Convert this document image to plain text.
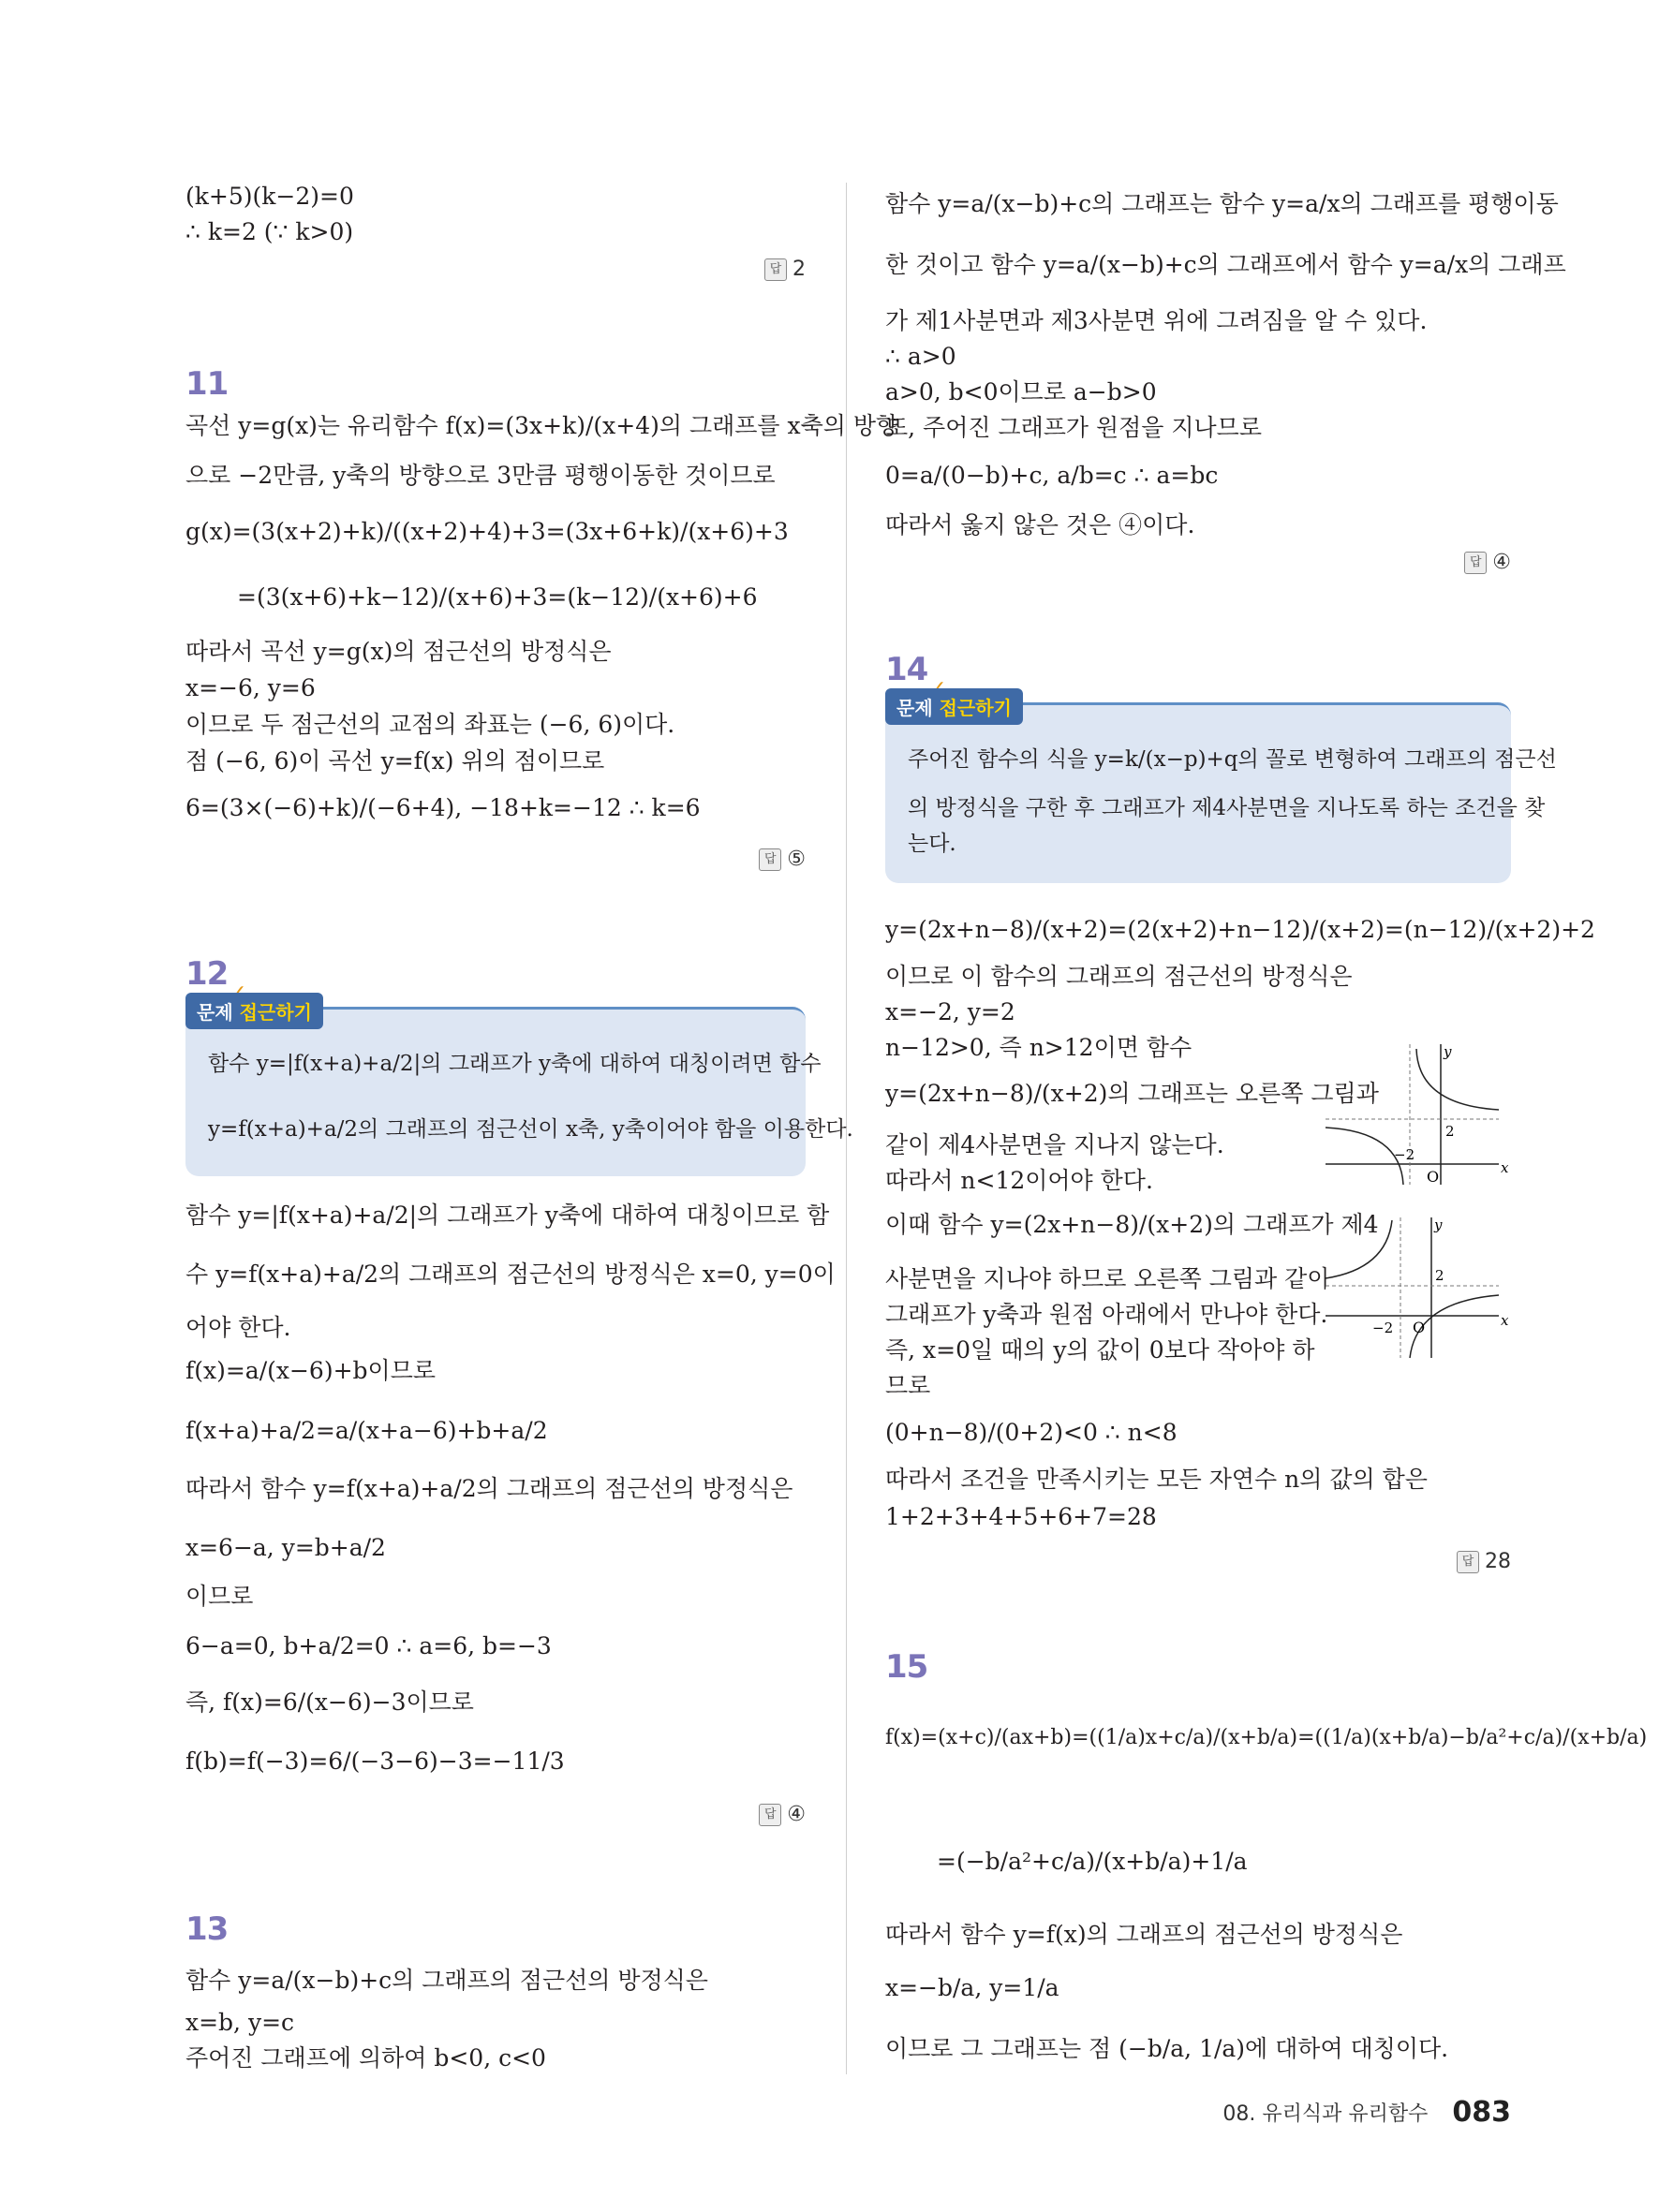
(k+5)(k−2)=0
∴ k=2 (∵ k>0)
답 2
11
곡선 y=g(x)는 유리함수 f(x)=(3x+k)/(x+4)의 그래프를 x축의 방향
으로 −2만큼, y축의 방향으로 3만큼 평행이동한 것이므로
g(x)=(3(x+2)+k)/((x+2)+4)+3=(3x+6+k)/(x+6)+3
=(3(x+6)+k−12)/(x+6)+3=(k−12)/(x+6)+6
따라서 곡선 y=g(x)의 점근선의 방정식은
x=−6, y=6
이므로 두 점근선의 교점의 좌표는 (−6, 6)이다.
점 (−6, 6)이 곡선 y=f(x) 위의 점이므로
6=(3×(−6)+k)/(−6+4), −18+k=−12 ∴ k=6
답 ⑤
12
문제 접근하기
함수 y=|f(x+a)+a/2|의 그래프가 y축에 대하여 대칭이려면 함수
y=f(x+a)+a/2의 그래프의 점근선이 x축, y축이어야 함을 이용한다.
함수 y=|f(x+a)+a/2|의 그래프가 y축에 대하여 대칭이므로 함
수 y=f(x+a)+a/2의 그래프의 점근선의 방정식은 x=0, y=0이
어야 한다.
f(x)=a/(x−6)+b이므로
f(x+a)+a/2=a/(x+a−6)+b+a/2
따라서 함수 y=f(x+a)+a/2의 그래프의 점근선의 방정식은
x=6−a, y=b+a/2
이므로
6−a=0, b+a/2=0 ∴ a=6, b=−3
즉, f(x)=6/(x−6)−3이므로
f(b)=f(−3)=6/(−3−6)−3=−11/3
답 ④
13
함수 y=a/(x−b)+c의 그래프의 점근선의 방정식은
x=b, y=c
주어진 그래프에 의하여 b<0, c<0
함수 y=a/(x−b)+c의 그래프는 함수 y=a/x의 그래프를 평행이동
한 것이고 함수 y=a/(x−b)+c의 그래프에서 함수 y=a/x의 그래프
가 제1사분면과 제3사분면 위에 그려짐을 알 수 있다.
∴ a>0
a>0, b<0이므로 a−b>0
또, 주어진 그래프가 원점을 지나므로
0=a/(0−b)+c, a/b=c ∴ a=bc
따라서 옳지 않은 것은 ④이다.
답 ④
14
문제 접근하기
주어진 함수의 식을 y=k/(x−p)+q의 꼴로 변형하여 그래프의 점근선
의 방정식을 구한 후 그래프가 제4사분면을 지나도록 하는 조건을 찾
는다.
y=(2x+n−8)/(x+2)=(2(x+2)+n−12)/(x+2)=(n−12)/(x+2)+2
이므로 이 함수의 그래프의 점근선의 방정식은
x=−2, y=2
n−12>0, 즉 n>12이면 함수
y=(2x+n−8)/(x+2)의 그래프는 오른쪽 그림과
같이 제4사분면을 지나지 않는다.
따라서 n<12이어야 한다.
이때 함수 y=(2x+n−8)/(x+2)의 그래프가 제4
사분면을 지나야 하므로 오른쪽 그림과 같이
그래프가 y축과 원점 아래에서 만나야 한다.
즉, x=0일 때의 y의 값이 0보다 작아야 하
므로
(0+n−8)/(0+2)<0 ∴ n<8
따라서 조건을 만족시키는 모든 자연수 n의 값의 합은
1+2+3+4+5+6+7=28
답 28
x
y
O
2
−2
x
y
O
2
−2
15
f(x)=(x+c)/(ax+b)=((1/a)x+c/a)/(x+b/a)=((1/a)(x+b/a)−b/a²+c/a)/(x+b/a)
=(−b/a²+c/a)/(x+b/a)+1/a
따라서 함수 y=f(x)의 그래프의 점근선의 방정식은
x=−b/a, y=1/a
이므로 그 그래프는 점 (−b/a, 1/a)에 대하여 대칭이다.
08. 유리식과 유리함수 083
